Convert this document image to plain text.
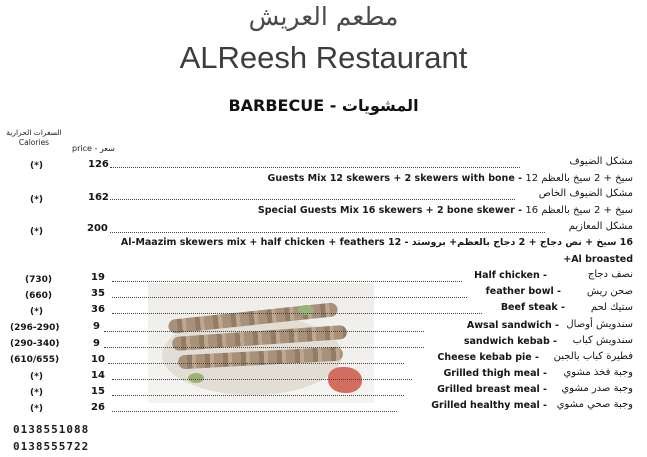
مطعم العريش
ALReesh Restaurant
BARBECUE - المشويات
السعرات الحرارية
Calories
price - سعر
مشكل الضيوف
126
(*)
Guests Mix 12 skewers + 2 skewers with bone - 12 سيخ + 2 سيخ بالعظم
مشكل الضيوف الخاص
162
(*)
Special Guests Mix 16 skewers + 2 bone skewer - 16 سيخ + 2 سيخ بالعظم
مشكل المعازيم
200
(*)
16 سيخ + نص دجاج + 2 دجاج بالعظم+ بروستد - Al-Maazim skewers mix + half chicken + feathers 12
+Al broasted
نصف دجاج
Half chicken -
19
(730)
صحن ريش
feather bowl -
35
(660)
ستيك لحم
Beef steak -
36
(*)
سندويش أوصال
Awsal sandwich -
9
(296-290)
سندويش كباب
sandwich kebab -
9
(290-340)
فطيرة كباب بالجبن
Cheese kebab pie -
10
(610/655)
وجبة فخذ مشوي
Grilled thigh meal -
14
(*)
وجبة صدر مشوي
Grilled breast meal -
15
(*)
وجبة صحي مشوي
Grilled healthy meal -
26
(*)
0138551088
0138555722
